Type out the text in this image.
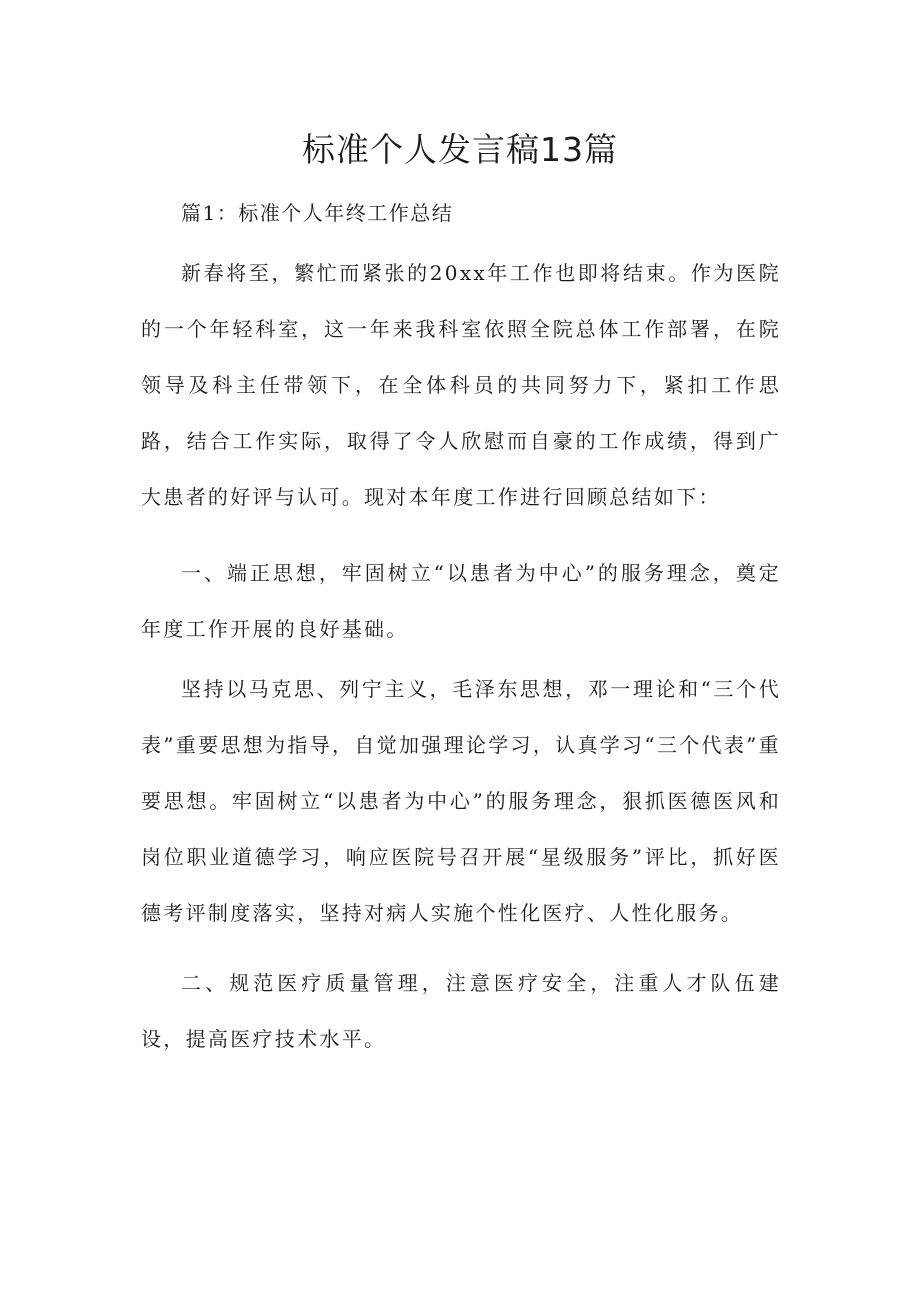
标准个人发言稿13篇
篇1：标准个人年终工作总结
新春将至，繁忙而紧张的20xx年工作也即将结束。作为医院的一个年轻科室，这一年来我科室依照全院总体工作部署，在院领导及科主任带领下，在全体科员的共同努力下，紧扣工作思路，结合工作实际，取得了令人欣慰而自豪的工作成绩，得到广大患者的好评与认可。现对本年度工作进行回顾总结如下：
一、端正思想，牢固树立“以患者为中心”的服务理念，奠定年度工作开展的良好基础。
坚持以马克思、列宁主义，毛泽东思想，邓一理论和“三个代表”重要思想为指导，自觉加强理论学习，认真学习“三个代表”重要思想。牢固树立“以患者为中心”的服务理念，狠抓医德医风和岗位职业道德学习，响应医院号召开展“星级服务”评比，抓好医德考评制度落实，坚持对病人实施个性化医疗、人性化服务。
二、规范医疗质量管理，注意医疗安全，注重人才队伍建设，提高医疗技术水平。
